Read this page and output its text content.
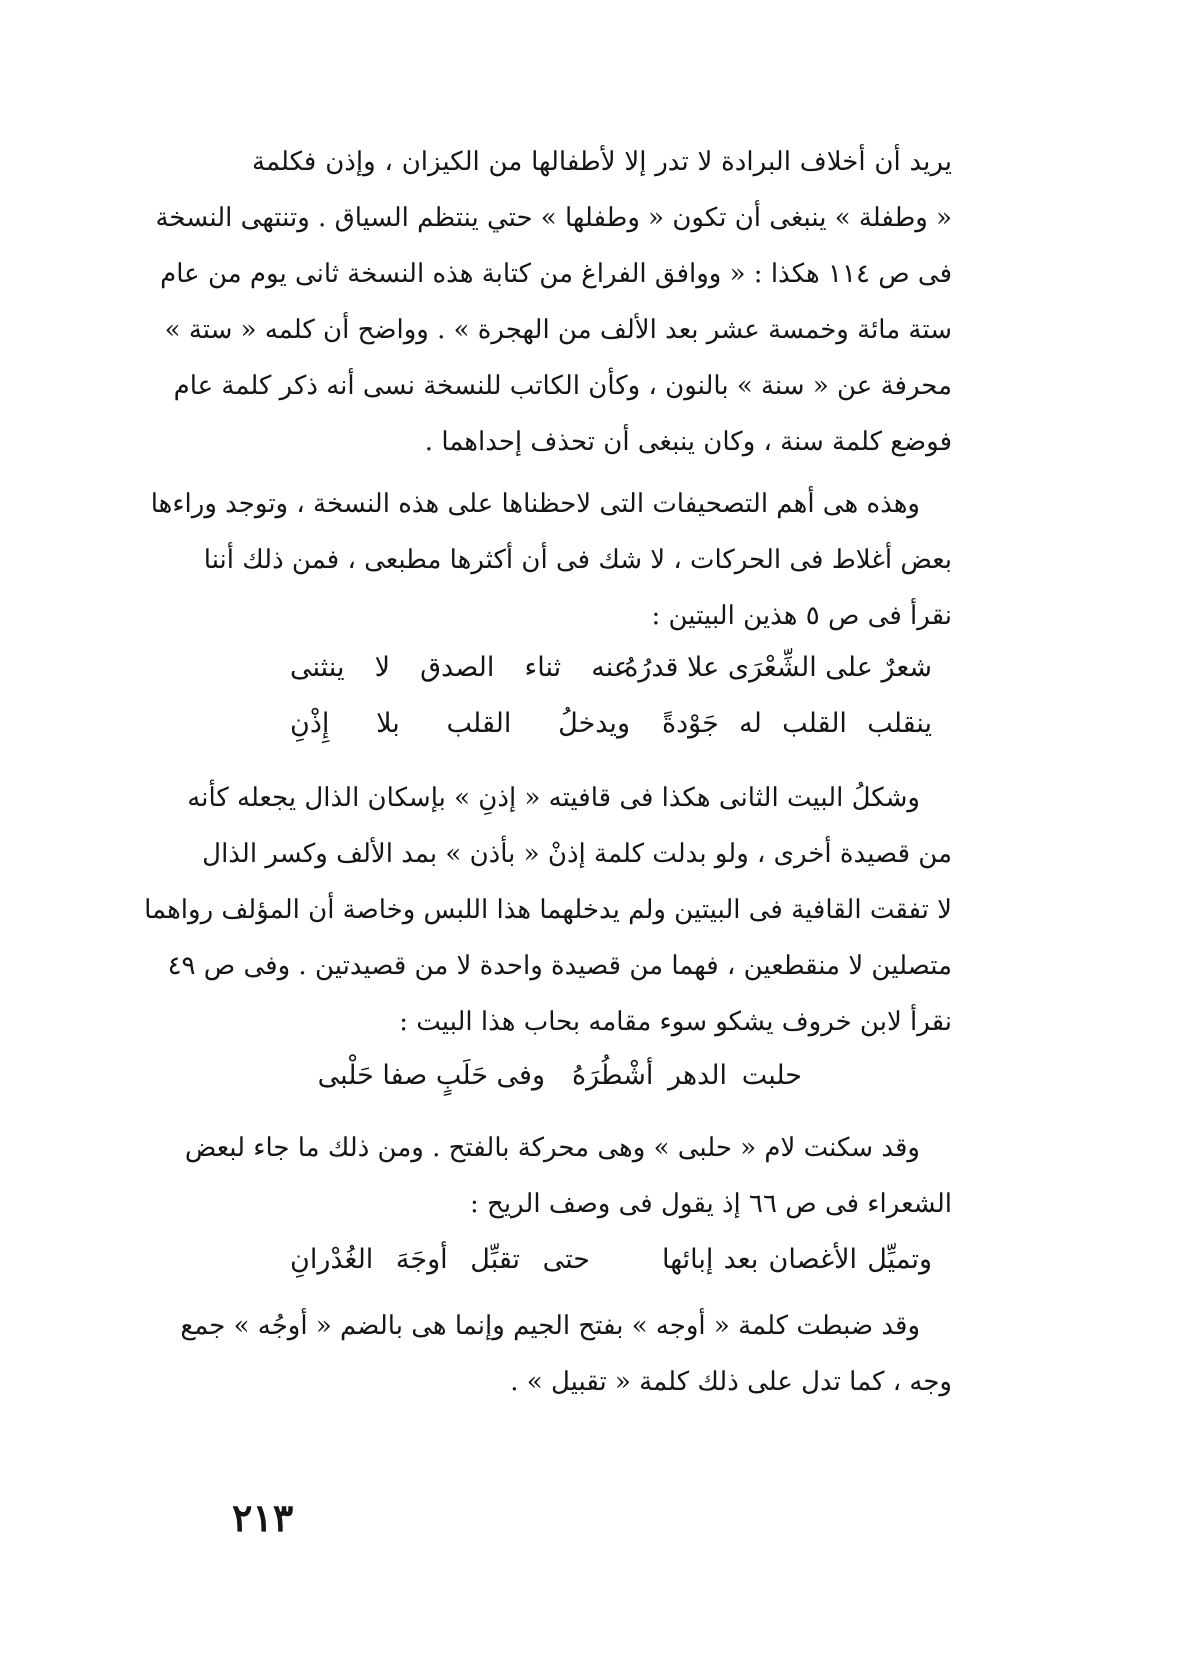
يريد أن أخلاف البرادة لا تدر إلا لأطفالها من الكيزان ، وإذن فكلمة
« وطفلة » ينبغى أن تكون « وطفلها » حتي ينتظم السياق . وتنتهى النسخة
فى ص ١١٤ هكذا : « ووافق الفراغ من كتابة هذه النسخة ثانى يوم من عام
ستة مائة وخمسة عشر بعد الألف من الهجرة » . وواضح أن كلمه « ستة »
محرفة عن « سنة » بالنون ، وكأن الكاتب للنسخة نسى أنه ذكر كلمة عام
فوضع كلمة سنة ، وكان ينبغى أن تحذف إحداهما .
وهذه هى أهم التصحيفات التى لاحظناها على هذه النسخة ، وتوجد وراءها
بعض أغلاط فى الحركات ، لا شك فى أن أكثرها مطبعى ، فمن ذلك أننا
نقرأ فى ص ٥ هذين البيتين :
شعرٌ على الشِّعْرَى علا قدرُهُ
عنه ثناء الصدق لا ينثنى
ينقلب القلب له جَوْدةً
ويدخلُ القلب بلا إِذْنِ
وشكلُ البيت الثانى هكذا فى قافيته « إذنِ » بإسكان الذال يجعله كأنه
من قصيدة أخرى ، ولو بدلت كلمة إذنْ « بأذن » بمد الألف وكسر الذال
لا تفقت القافية فى البيتين ولم يدخلهما هذا اللبس وخاصة أن المؤلف رواهما
متصلين لا منقطعين ، فهما من قصيدة واحدة لا من قصيدتين . وفى ص ٤٩
نقرأ لابن خروف يشكو سوء مقامه بحاب هذا البيت :
حلبت الدهر أشْطُرَهُ
وفى حَلَبٍ صفا حَلْبى
وقد سكنت لام « حلبى » وهى محركة بالفتح . ومن ذلك ما جاء لبعض
الشعراء فى ص ٦٦ إذ يقول فى وصف الريح :
وتميِّل الأغصان بعد إبائها
حتى تقبِّل أوجَهَ الغُدْرانِ
وقد ضبطت كلمة « أوجه » بفتح الجيم وإنما هى بالضم « أوجُه » جمع
وجه ، كما تدل على ذلك كلمة « تقبيل » .
٢١٣
